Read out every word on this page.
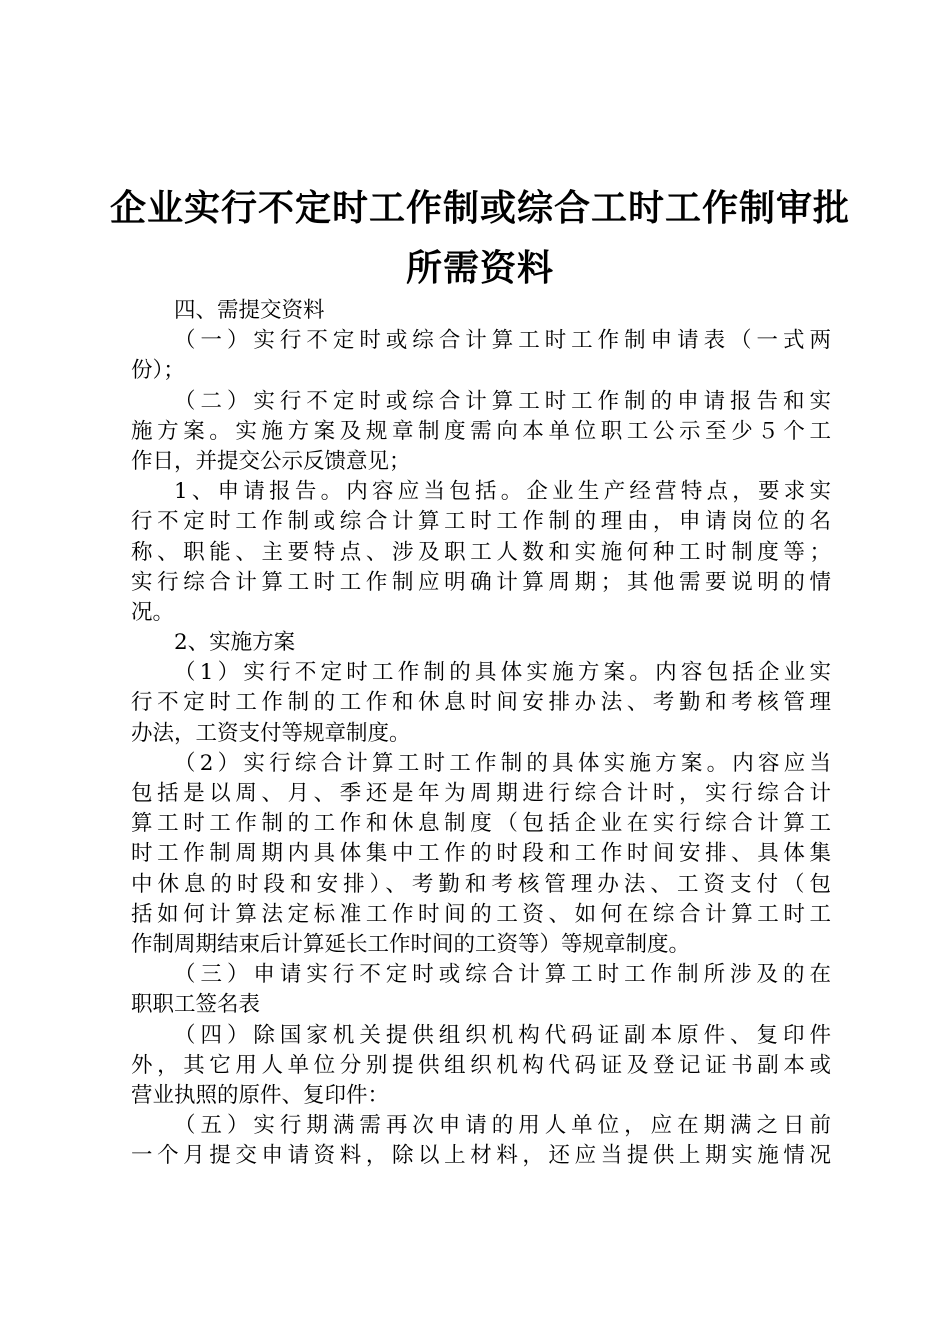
企业实行不定时工作制或综合工时工作制审批
所需资料
四、需提交资料
（一）实行不定时或综合计算工时工作制申请表（一式两
份）；
（二）实行不定时或综合计算工时工作制的申请报告和实
施方案。实施方案及规章制度需向本单位职工公示至少５个工
作日，并提交公示反馈意见；
1、申请报告。内容应当包括。企业生产经营特点，要求实
行不定时工作制或综合计算工时工作制的理由，申请岗位的名
称、职能、主要特点、涉及职工人数和实施何种工时制度等；
实行综合计算工时工作制应明确计算周期；其他需要说明的情
况。
2、实施方案
（1）实行不定时工作制的具体实施方案。内容包括企业实
行不定时工作制的工作和休息时间安排办法、考勤和考核管理
办法，工资支付等规章制度。
（2）实行综合计算工时工作制的具体实施方案。内容应当
包括是以周、月、季还是年为周期进行综合计时，实行综合计
算工时工作制的工作和休息制度（包括企业在实行综合计算工
时工作制周期内具体集中工作的时段和工作时间安排、具体集
中休息的时段和安排）、考勤和考核管理办法、工资支付（包
括如何计算法定标准工作时间的工资、如何在综合计算工时工
作制周期结束后计算延长工作时间的工资等）等规章制度。
（三）申请实行不定时或综合计算工时工作制所涉及的在
职职工签名表
（四）除国家机关提供组织机构代码证副本原件、复印件
外，其它用人单位分别提供组织机构代码证及登记证书副本或
营业执照的原件、复印件：
（五）实行期满需再次申请的用人单位，应在期满之日前
一个月提交申请资料，除以上材料，还应当提供上期实施情况
